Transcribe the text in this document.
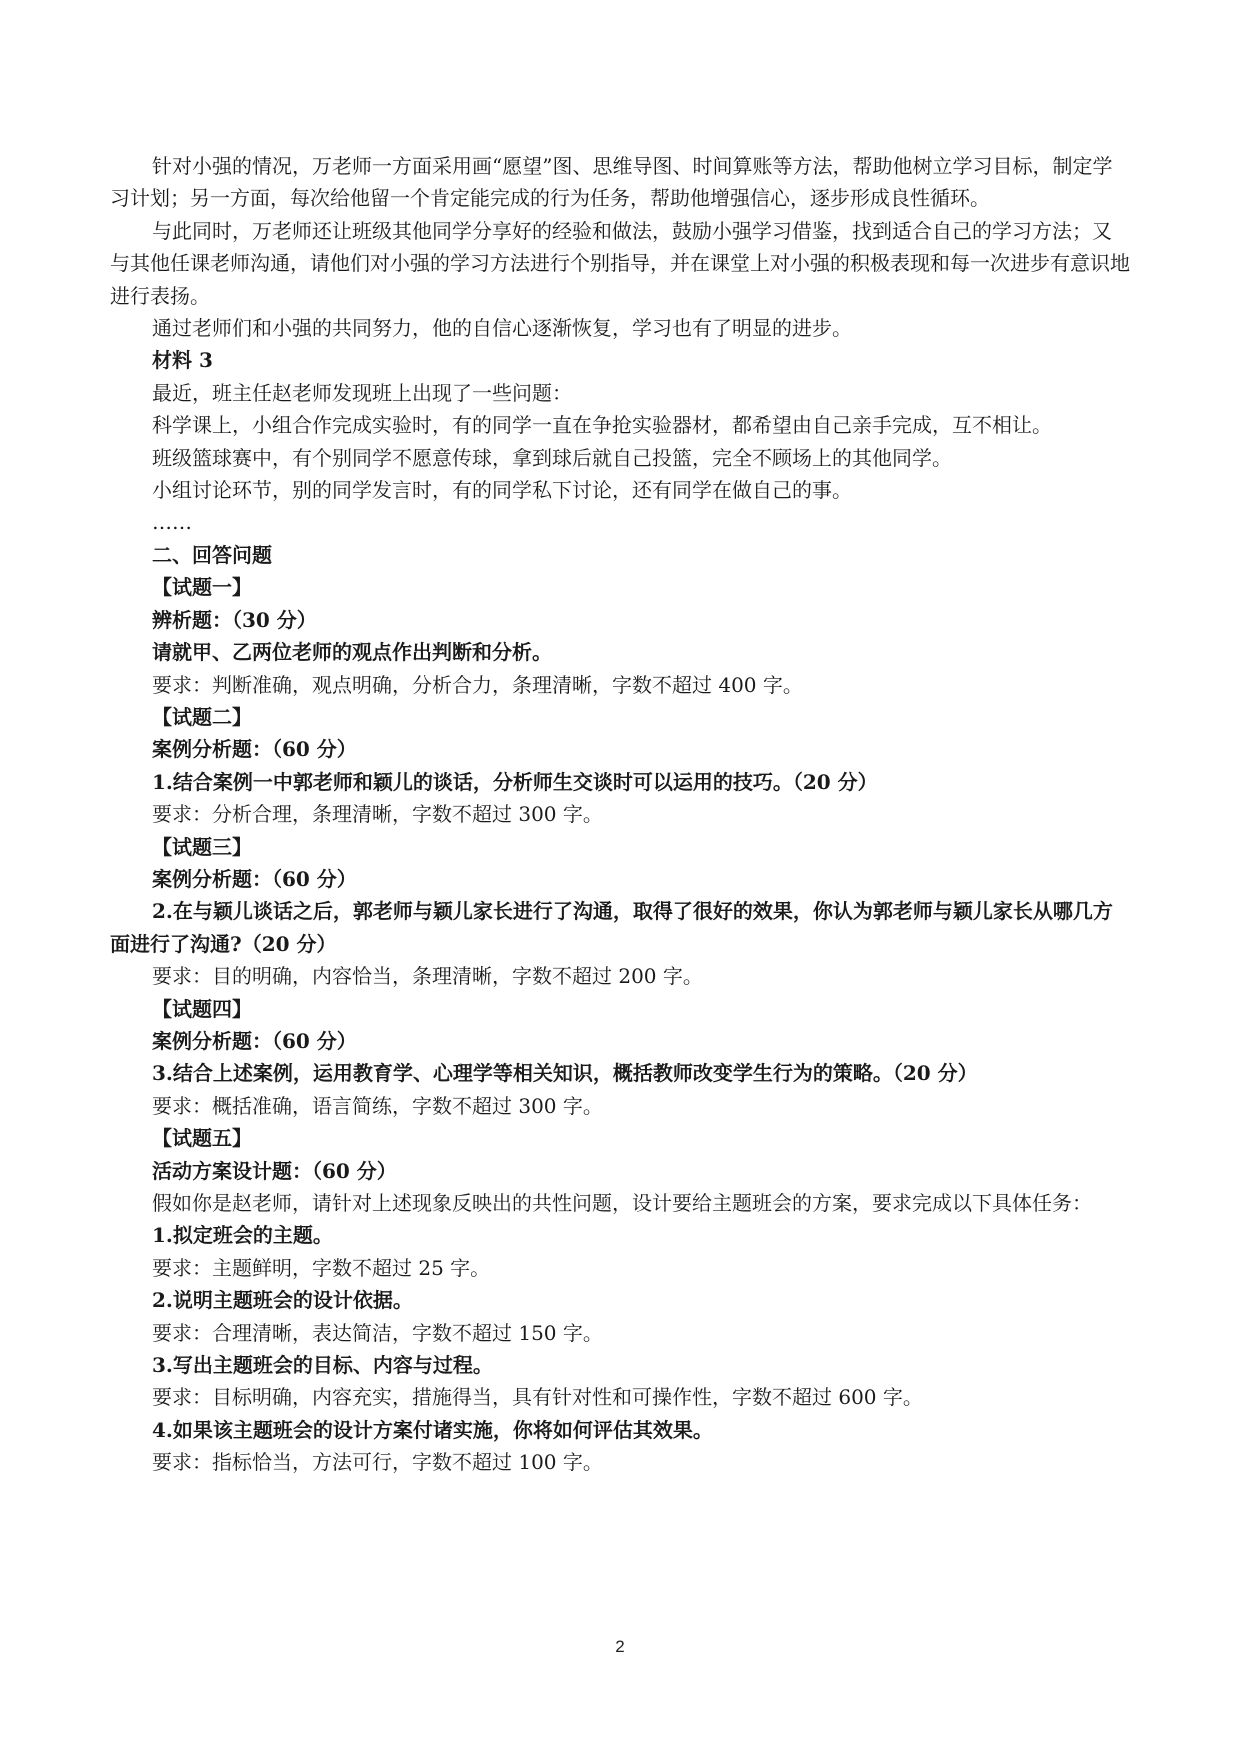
针对小强的情况，万老师一方面采用画“愿望”图、思维导图、时间算账等方法，帮助他树立学习目标，制定学习计划；另一方面，每次给他留一个肯定能完成的行为任务，帮助他增强信心，逐步形成良性循环。

与此同时，万老师还让班级其他同学分享好的经验和做法，鼓励小强学习借鉴，找到适合自己的学习方法；又与其他任课老师沟通，请他们对小强的学习方法进行个别指导，并在课堂上对小强的积极表现和每一次进步有意识地进行表扬。

通过老师们和小强的共同努力，他的自信心逐渐恢复，学习也有了明显的进步。

材料 3

最近，班主任赵老师发现班上出现了一些问题：

科学课上，小组合作完成实验时，有的同学一直在争抢实验器材，都希望由自己亲手完成，互不相让。

班级篮球赛中，有个别同学不愿意传球，拿到球后就自己投篮，完全不顾场上的其他同学。

小组讨论环节，别的同学发言时，有的同学私下讨论，还有同学在做自己的事。

……

二、回答问题

【试题一】

辨析题：（30 分）

请就甲、乙两位老师的观点作出判断和分析。

要求：判断准确，观点明确，分析合力，条理清晰，字数不超过 400 字。

【试题二】

案例分析题：（60 分）

1.结合案例一中郭老师和颖儿的谈话，分析师生交谈时可以运用的技巧。（20 分）

要求：分析合理，条理清晰，字数不超过 300 字。

【试题三】

案例分析题：（60 分）

2.在与颖儿谈话之后，郭老师与颖儿家长进行了沟通，取得了很好的效果，你认为郭老师与颖儿家长从哪几方面进行了沟通?（20 分）

要求：目的明确，内容恰当，条理清晰，字数不超过 200 字。

【试题四】

案例分析题：（60 分）

3.结合上述案例，运用教育学、心理学等相关知识，概括教师改变学生行为的策略。（20 分）

要求：概括准确，语言简练，字数不超过 300 字。

【试题五】

活动方案设计题：（60 分）

假如你是赵老师，请针对上述现象反映出的共性问题，设计要给主题班会的方案，要求完成以下具体任务：

1.拟定班会的主题。

要求：主题鲜明，字数不超过 25 字。

2.说明主题班会的设计依据。

要求：合理清晰，表达简洁，字数不超过 150 字。

3.写出主题班会的目标、内容与过程。

要求：目标明确，内容充实，措施得当，具有针对性和可操作性，字数不超过 600 字。

4.如果该主题班会的设计方案付诸实施，你将如何评估其效果。

要求：指标恰当，方法可行，字数不超过 100 字。

2
